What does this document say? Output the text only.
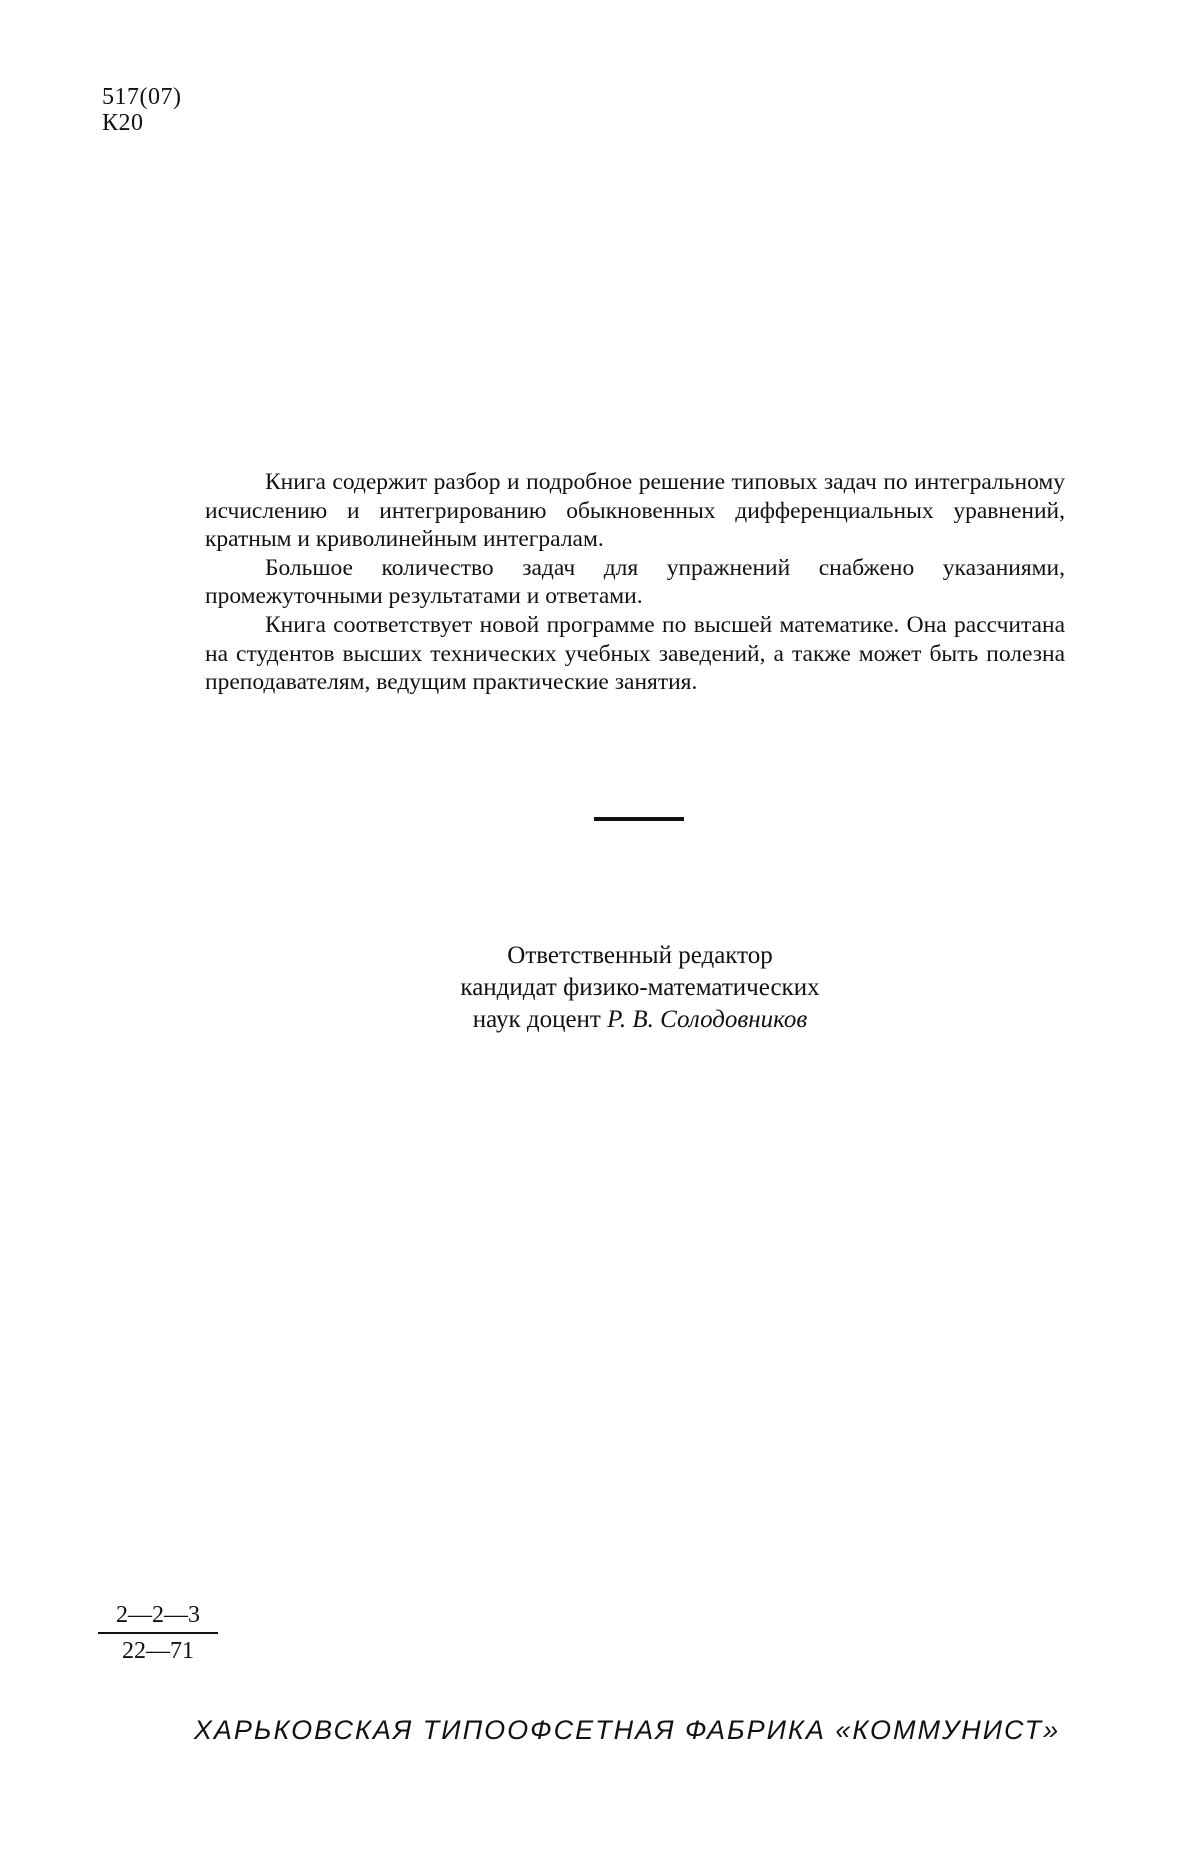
517(07)
К20

Книга содержит разбор и подробное решение типовых задач по интегральному исчислению и интегрированию обыкновенных дифференциальных уравнений, кратным и криволинейным интегралам.

Большое количество задач для упражнений снабжено указаниями, промежуточными результатами и ответами.

Книга соответствует новой программе по высшей математике. Она рассчитана на студентов высших технических учебных заведений, а также может быть полезна преподавателям, ведущим практические занятия.

Ответственный редактор
кандидат физико-математических
наук доцент Р. В. Солодовников
$\frac{2—2—3}{22—71}$
ХАРЬКОВСКАЯ ТИПООФСЕТНАЯ ФАБРИКА «КОММУНИСТ»
